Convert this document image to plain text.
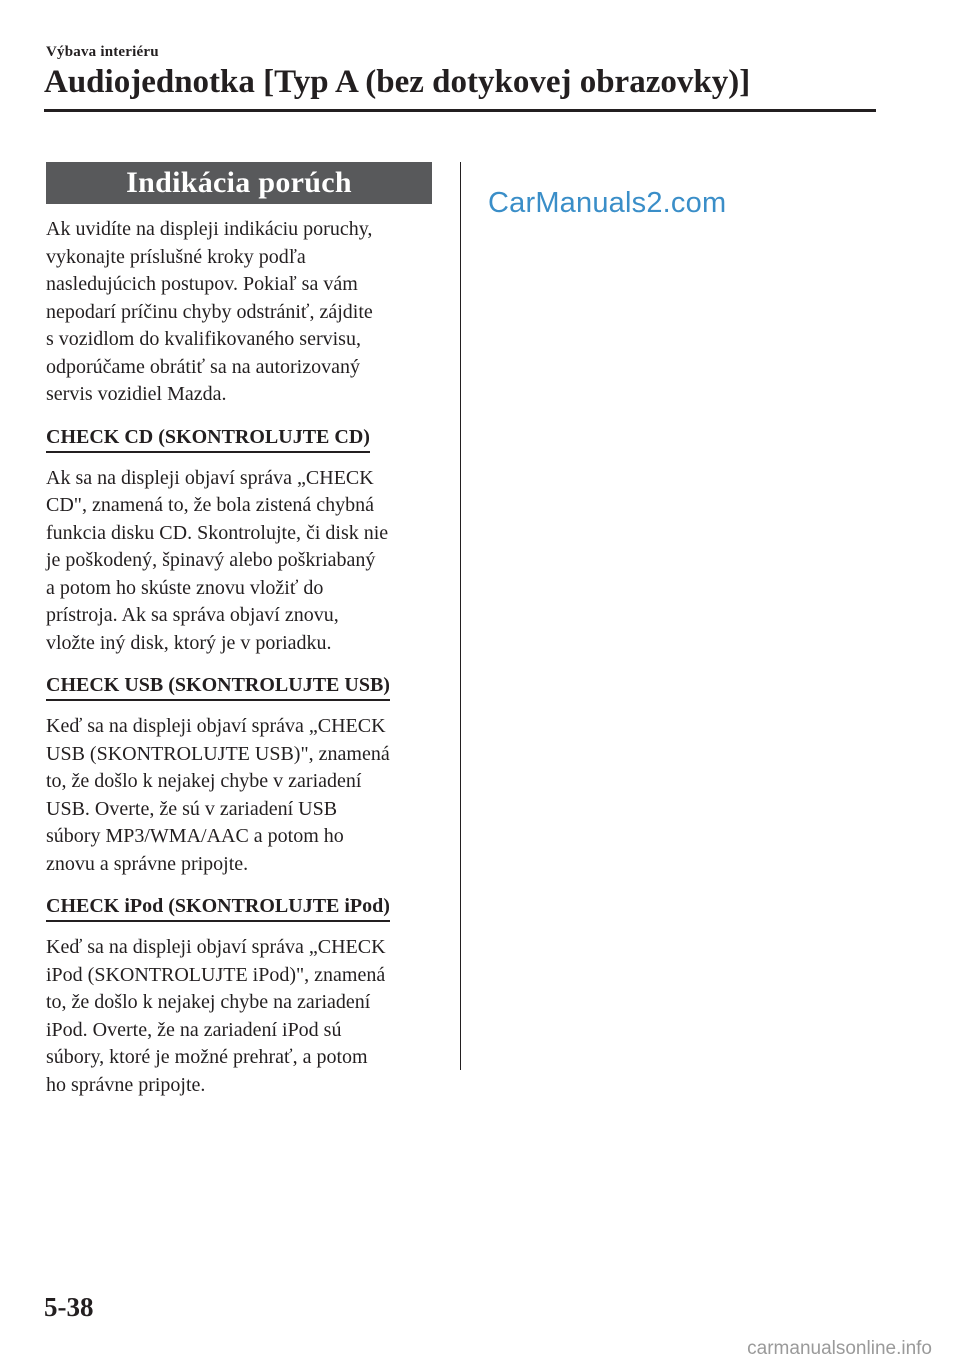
Výbava interiéru
Audiojednotka [Typ A (bez dotykovej obrazovky)]
Indikácia porúch

Ak uvidíte na displeji indikáciu poruchy,
vykonajte príslušné kroky podľa
nasledujúcich postupov. Pokiaľ sa vám
nepodarí príčinu chyby odstrániť, zájdite
s vozidlom do kvalifikovaného servisu,
odporúčame obrátiť sa na autorizovaný
servis vozidiel Mazda.

CHECK CD (SKONTROLUJTE CD)

Ak sa na displeji objaví správa „CHECK
CD", znamená to, že bola zistená chybná
funkcia disku CD. Skontrolujte, či disk nie
je poškodený, špinavý alebo poškriabaný
a potom ho skúste znovu vložiť do
prístroja. Ak sa správa objaví znovu,
vložte iný disk, ktorý je v poriadku.

CHECK USB (SKONTROLUJTE USB)

Keď sa na displeji objaví správa „CHECK
USB (SKONTROLUJTE USB)", znamená
to, že došlo k nejakej chybe v zariadení
USB. Overte, že sú v zariadení USB
súbory MP3/WMA/AAC a potom ho
znovu a správne pripojte.

CHECK iPod (SKONTROLUJTE iPod)

Keď sa na displeji objaví správa „CHECK
iPod (SKONTROLUJTE iPod)", znamená
to, že došlo k nejakej chybe na zariadení
iPod. Overte, že na zariadení iPod sú
súbory, ktoré je možné prehrať, a potom
ho správne pripojte.

CarManuals2.com
5-38
carmanualsonline.info
